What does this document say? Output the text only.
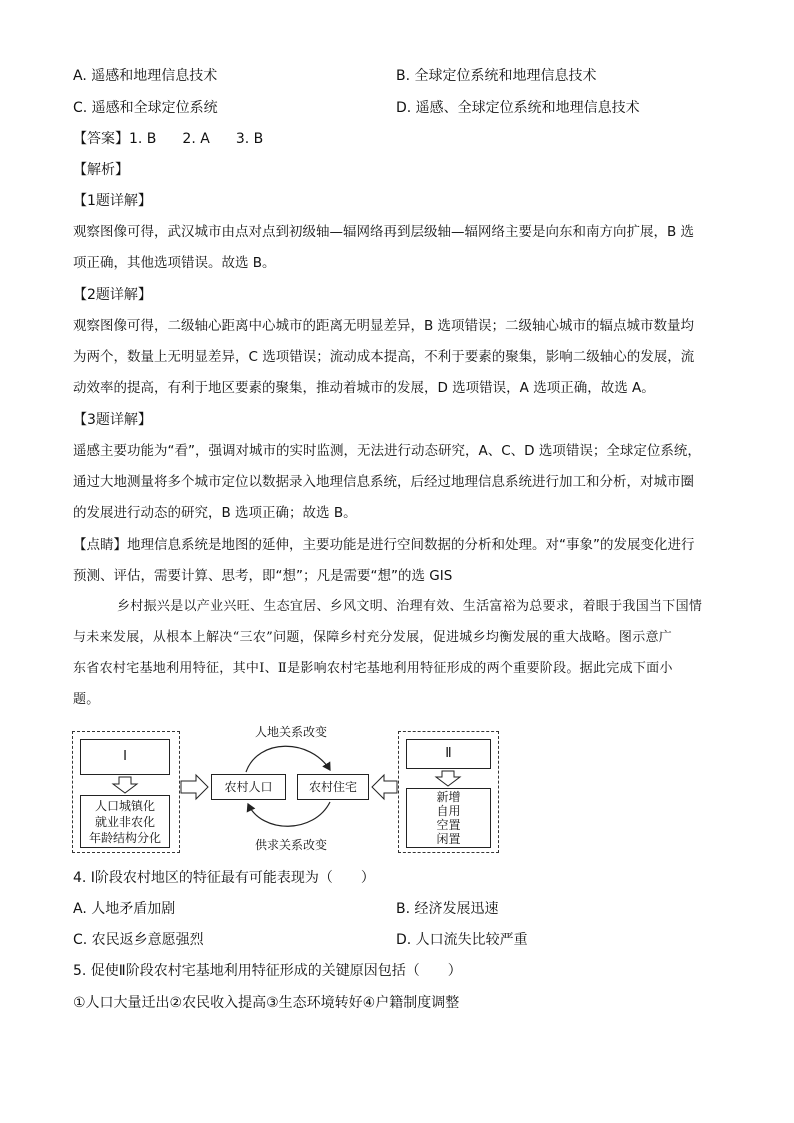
A. 遥感和地理信息技术	B. 全球定位系统和地理信息技术
C. 遥感和全球定位系统	D. 遥感、全球定位系统和地理信息技术
【答案】1. B 2. A 3. B
【解析】
【1题详解】
观察图像可得，武汉城市由点对点到初级轴—辐网络再到层级轴—辐网络主要是向东和南方向扩展，B 选
项正确，其他选项错误。故选 B。
【2题详解】
观察图像可得，二级轴心距离中心城市的距离无明显差异，B 选项错误；二级轴心城市的辐点城市数量均
为两个，数量上无明显差异，C 选项错误；流动成本提高，不利于要素的聚集，影响二级轴心的发展，流
动效率的提高，有利于地区要素的聚集，推动着城市的发展，D 选项错误，A 选项正确，故选 A。
【3题详解】
遥感主要功能为“看”，强调对城市的实时监测，无法进行动态研究，A、C、D 选项错误；全球定位系统，
通过大地测量将多个城市定位以数据录入地理信息系统，后经过地理信息系统进行加工和分析，对城市圈
的发展进行动态的研究，B 选项正确；故选 B。
【点睛】地理信息系统是地图的延伸，主要功能是进行空间数据的分析和处理。对“事象”的发展变化进行
预测、评估，需要计算、思考，即“想”；凡是需要“想”的选 GIS
乡村振兴是以产业兴旺、生态宜居、乡风文明、治理有效、生活富裕为总要求，着眼于我国当下国情
与未来发展，从根本上解决“三农”问题，保障乡村充分发展，促进城乡均衡发展的重大战略。图示意广
东省农村宅基地利用特征，其中Ⅰ、Ⅱ是影响农村宅基地利用特征形成的两个重要阶段。据此完成下面小
题。
Ⅰ
人口城镇化
就业非农化
年龄结构分化
农村人口	农村住宅
人地关系改变
供求关系改变
Ⅱ
新增
自用
空置
闲置
4. Ⅰ阶段农村地区的特征最有可能表现为（　　）
A. 人地矛盾加剧	B. 经济发展迅速
C. 农民返乡意愿强烈	D. 人口流失比较严重
5. 促使Ⅱ阶段农村宅基地利用特征形成的关键原因包括（　　）
①人口大量迁出②农民收入提高③生态环境转好④户籍制度调整
